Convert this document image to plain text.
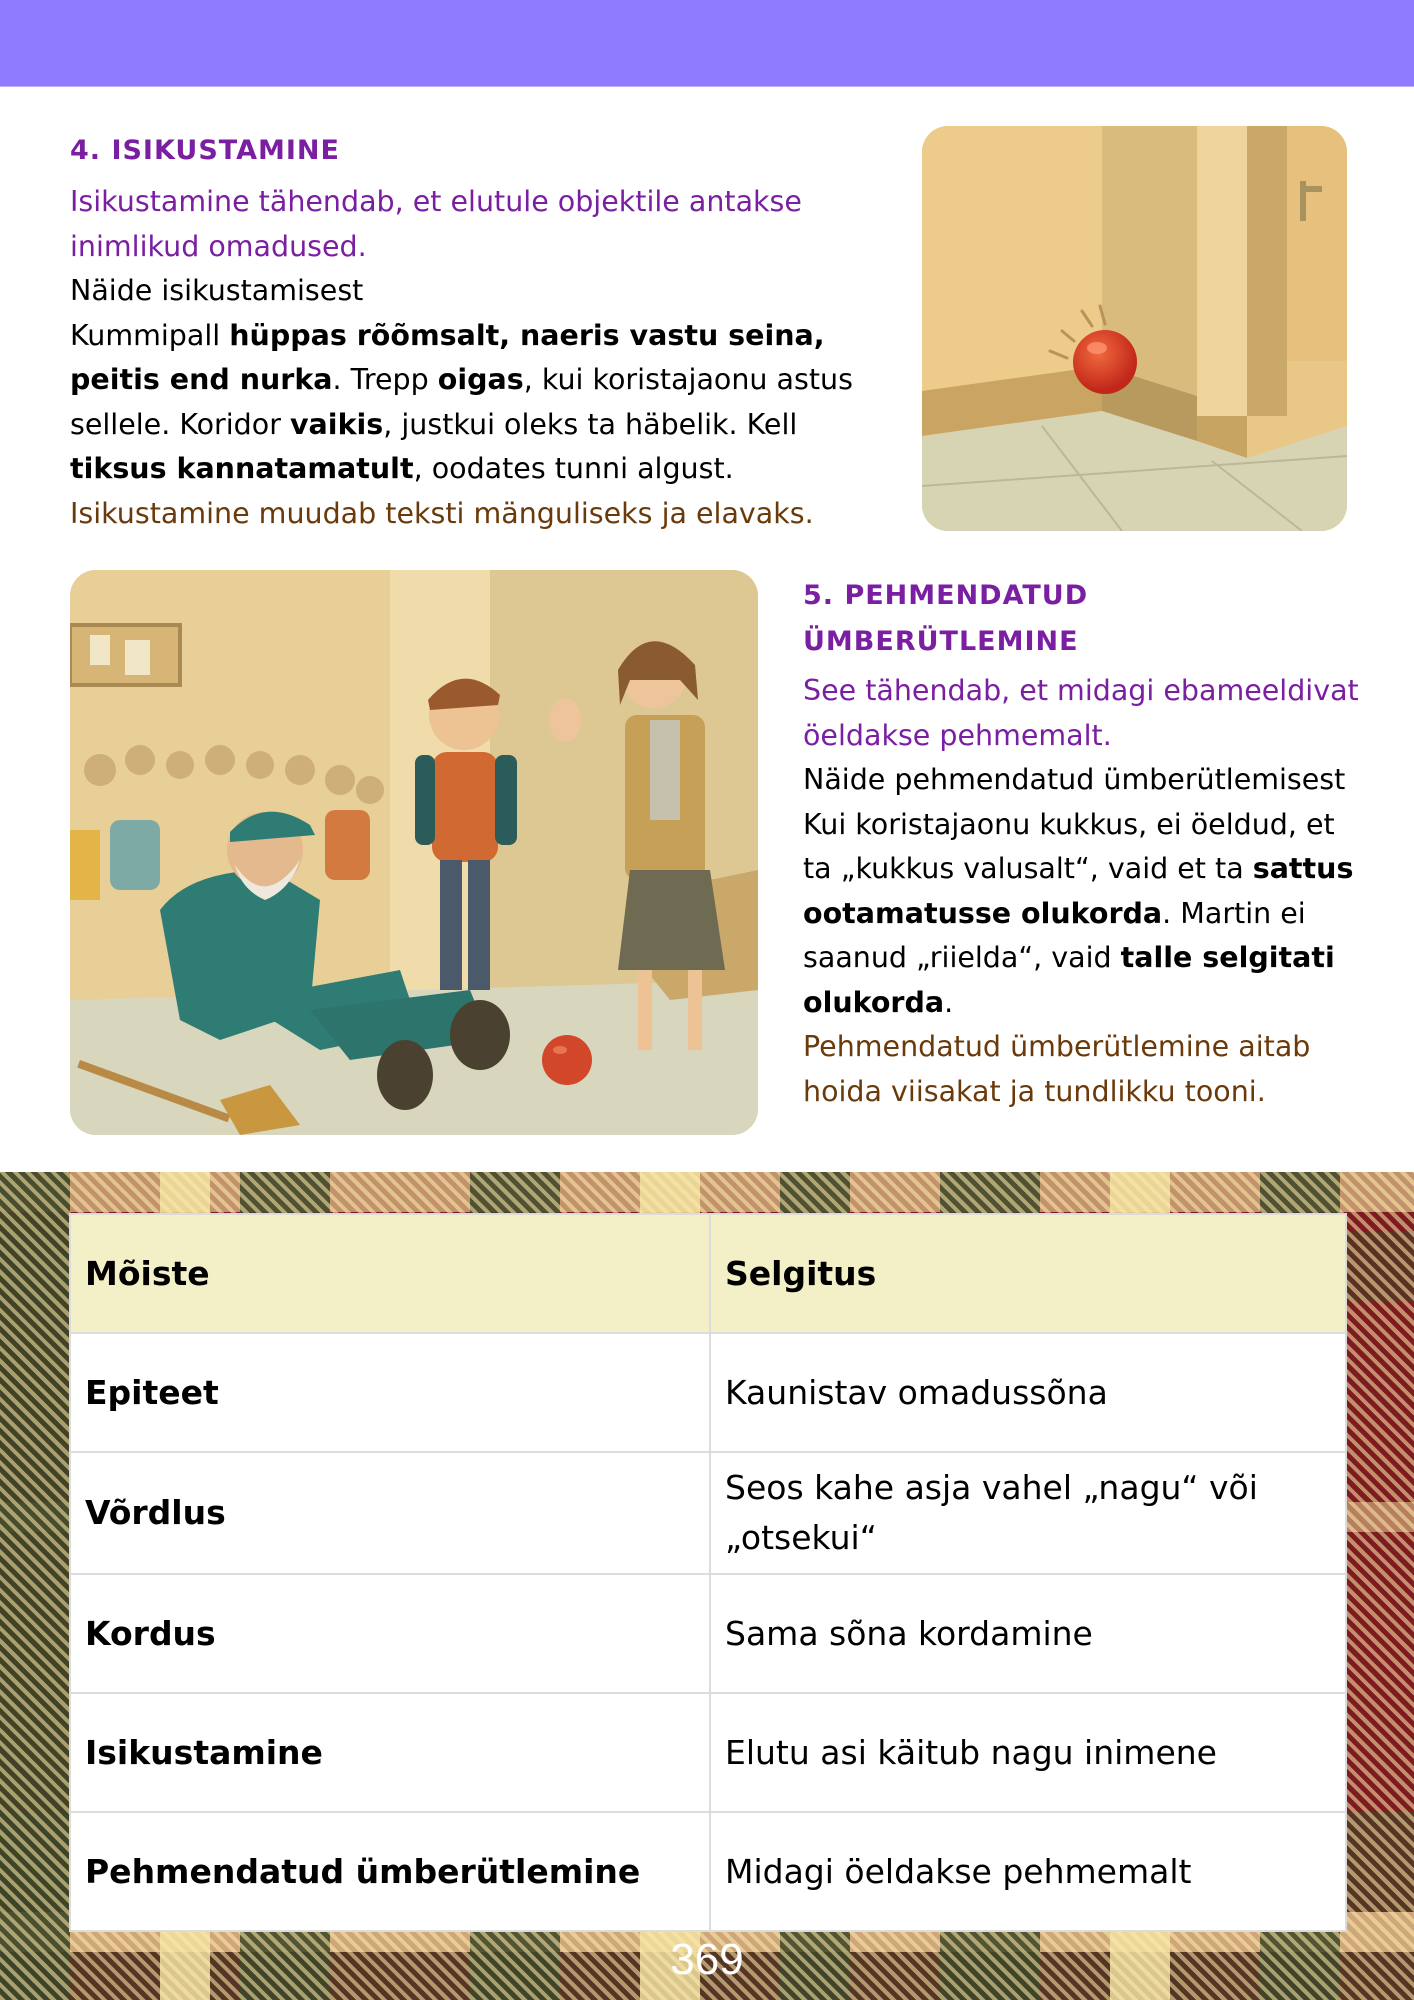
4. ISIKUSTAMINE

Isikustamine tähendab, et elutule objektile antakse inimlikud omadused.

Näide isikustamisest

Kummipall hüppas rõõmsalt, naeris vastu seina, peitis end nurka. Trepp oigas, kui koristajaonu astus sellele. Koridor vaikis, justkui oleks ta häbelik. Kell tiksus kannatamatult, oodates tunni algust.

Isikustamine muudab teksti mänguliseks ja elavaks.

5. PEHMENDATUD ÜMBERÜTLEMINE

See tähendab, et midagi ebameeldivat öeldakse pehmemalt.

Näide pehmendatud ümberütlemisest

Kui koristajaonu kukkus, ei öeldud, et ta „kukkus valusalt“, vaid et ta sattus ootamatusse olukorda. Martin ei saanud „riielda“, vaid talle selgitati olukorda.

Pehmendatud ümberütlemine aitab hoida viisakat ja tundlikku tooni.

Mõiste	Selgitus
Epiteet	Kaunistav omadussõna
Võrdlus	Seos kahe asja vahel „nagu“ või „otsekui“
Kordus	Sama sõna kordamine
Isikustamine	Elutu asi käitub nagu inimene
Pehmendatud ümberütlemine	Midagi öeldakse pehmemalt
369
